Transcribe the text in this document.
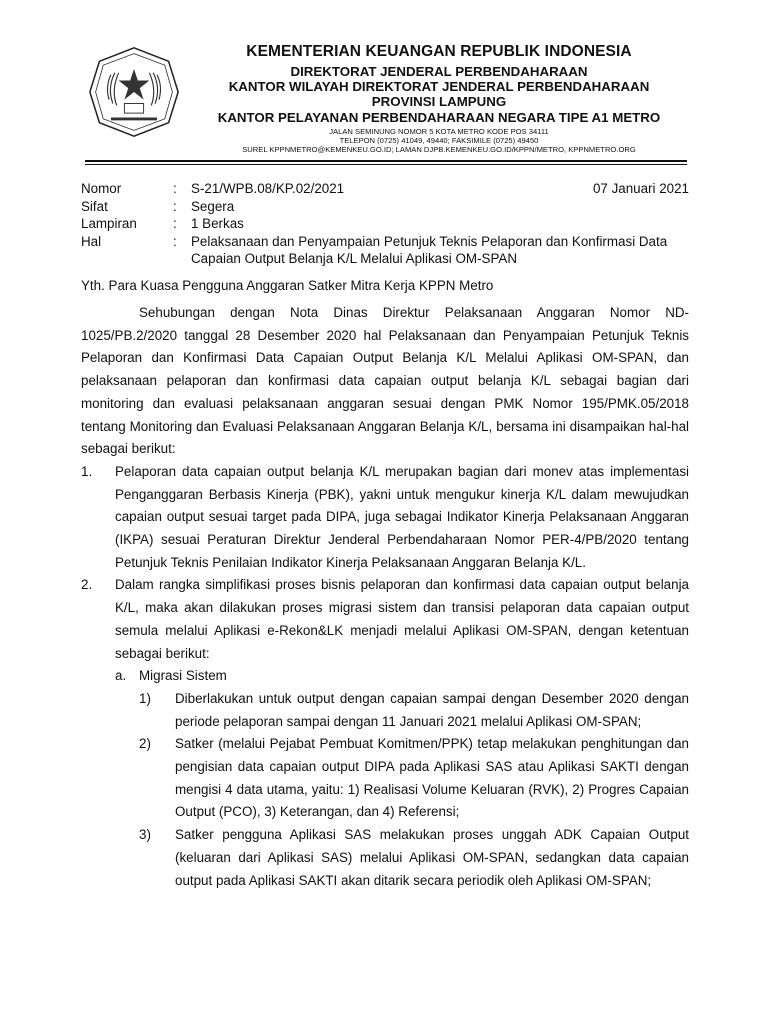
KEMENTERIAN KEUANGAN REPUBLIK INDONESIA
DIREKTORAT JENDERAL PERBENDAHARAAN
KANTOR WILAYAH DIREKTORAT JENDERAL PERBENDAHARAAN
PROVINSI LAMPUNG
KANTOR PELAYANAN PERBENDAHARAAN NEGARA TIPE A1 METRO
JALAN SEMINUNG NOMOR 5 KOTA METRO KODE POS 34111
TELEPON (0725) 41049, 49440; FAKSIMILE (0725) 49450
SUREL KPPNMETRO@KEMENKEU.GO.ID; LAMAN DJPB.KEMENKEU.GO.ID/KPPN/METRO, KPPNMETRO.ORG
07 Januari 2021
Nomor	:	S-21/WPB.08/KP.02/2021
Sifat	:	Segera
Lampiran	:	1 Berkas
Hal	:	Pelaksanaan dan Penyampaian Petunjuk Teknis Pelaporan dan Konfirmasi Data Capaian Output Belanja K/L Melalui Aplikasi OM-SPAN
Yth. Para Kuasa Pengguna Anggaran Satker Mitra Kerja KPPN Metro

Sehubungan dengan Nota Dinas Direktur Pelaksanaan Anggaran Nomor ND-1025/PB.2/2020 tanggal 28 Desember 2020 hal Pelaksanaan dan Penyampaian Petunjuk Teknis Pelaporan dan Konfirmasi Data Capaian Output Belanja K/L Melalui Aplikasi OM-SPAN, dan pelaksanaan pelaporan dan konfirmasi data capaian output belanja K/L sebagai bagian dari monitoring dan evaluasi pelaksanaan anggaran sesuai dengan PMK Nomor 195/PMK.05/2018 tentang Monitoring dan Evaluasi Pelaksanaan Anggaran Belanja K/L, bersama ini disampaikan hal-hal sebagai berikut:

1.	Pelaporan data capaian output belanja K/L merupakan bagian dari monev atas implementasi Penganggaran Berbasis Kinerja (PBK), yakni untuk mengukur kinerja K/L dalam mewujudkan capaian output sesuai target pada DIPA, juga sebagai Indikator Kinerja Pelaksanaan Anggaran (IKPA) sesuai Peraturan Direktur Jenderal Perbendaharaan Nomor PER-4/PB/2020 tentang Petunjuk Teknis Penilaian Indikator Kinerja Pelaksanaan Anggaran Belanja K/L.
2.	Dalam rangka simplifikasi proses bisnis pelaporan dan konfirmasi data capaian output belanja K/L, maka akan dilakukan proses migrasi sistem dan transisi pelaporan data capaian output semula melalui Aplikasi e-Rekon&LK menjadi melalui Aplikasi OM-SPAN, dengan ketentuan sebagai berikut:
a. Migrasi Sistem
1)	Diberlakukan untuk output dengan capaian sampai dengan Desember 2020 dengan periode pelaporan sampai dengan 11 Januari 2021 melalui Aplikasi OM-SPAN;
2)	Satker (melalui Pejabat Pembuat Komitmen/PPK) tetap melakukan penghitungan dan pengisian data capaian output DIPA pada Aplikasi SAS atau Aplikasi SAKTI dengan mengisi 4 data utama, yaitu: 1) Realisasi Volume Keluaran (RVK), 2) Progres Capaian Output (PCO), 3) Keterangan, dan 4) Referensi;
3)	Satker pengguna Aplikasi SAS melakukan proses unggah ADK Capaian Output (keluaran dari Aplikasi SAS) melalui Aplikasi OM-SPAN, sedangkan data capaian output pada Aplikasi SAKTI akan ditarik secara periodik oleh Aplikasi OM-SPAN;
